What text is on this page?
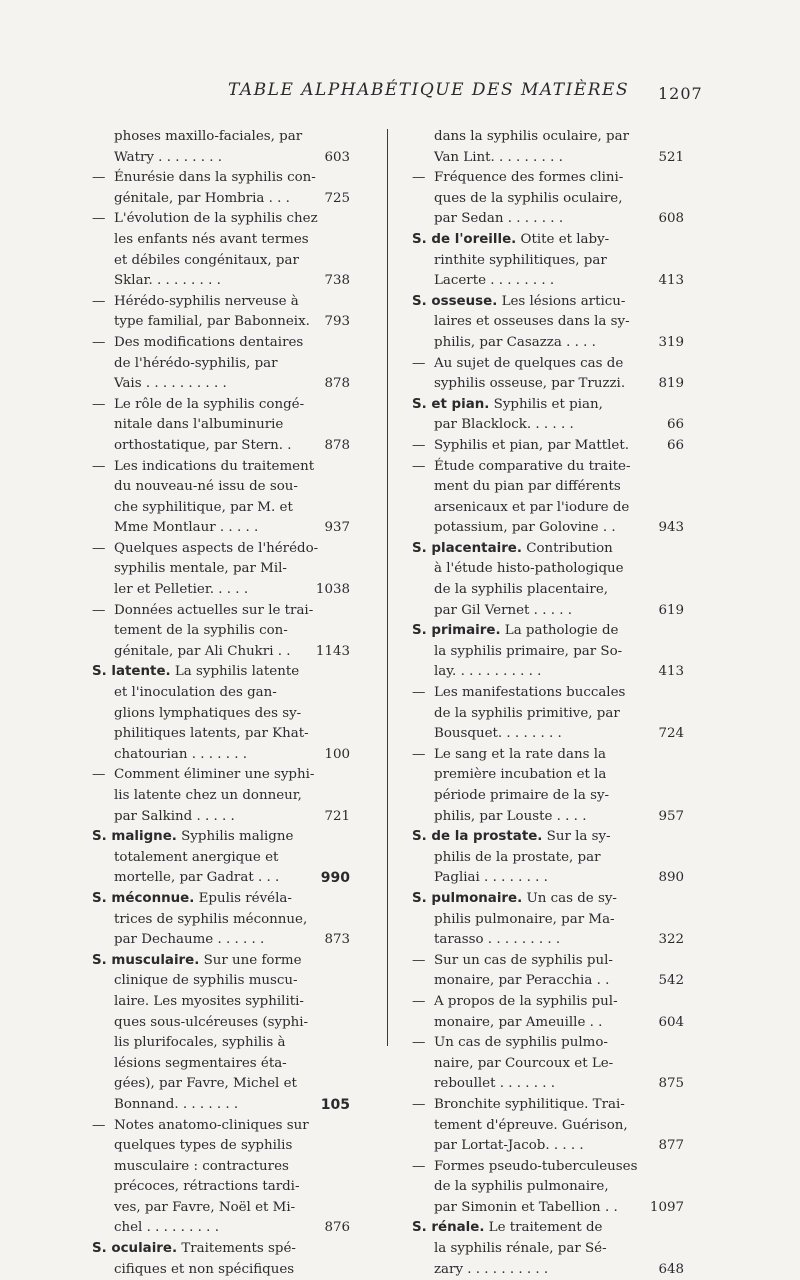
TABLE ALPHABÉTIQUE DES MATIÈRES 1207
phoses maxillo-faciales, par
Watry . . . . . . . .	603
— Énurésie dans la syphilis con-
génitale, par Hombria . . .	725
— L'évolution de la syphilis chez
les enfants nés avant termes
et débiles congénitaux, par
Sklar. . . . . . . . .	738
— Hérédo-syphilis nerveuse à
type familial, par Babonneix.	793
— Des modifications dentaires
de l'hérédo-syphilis, par
Vais . . . . . . . . . .	878
— Le rôle de la syphilis congé-
nitale dans l'albuminurie
orthostatique, par Stern. .	878
— Les indications du traitement
du nouveau-né issu de sou-
che syphilitique, par M. et
Mme Montlaur . . . . .	937
— Quelques aspects de l'hérédo-
syphilis mentale, par Mil-
ler et Pelletier. . . . .	1038
— Données actuelles sur le trai-
tement de la syphilis con-
génitale, par Ali Chukri . .	1143
S. latente. La syphilis latente
et l'inoculation des gan-
glions lymphatiques des sy-
philitiques latents, par Khat-
chatourian . . . . . . .	100
— Comment éliminer une syphi-
lis latente chez un donneur,
par Salkind . . . . .	721
S. maligne. Syphilis maligne
totalement anergique et
mortelle, par Gadrat . . .	990
S. méconnue. Epulis révéla-
trices de syphilis méconnue,
par Dechaume . . . . . .	873
S. musculaire. Sur une forme
clinique de syphilis muscu-
laire. Les myosites syphiliti-
ques sous-ulcéreuses (syphi-
lis plurifocales, syphilis à
lésions segmentaires éta-
gées), par Favre, Michel et
Bonnand. . . . . . . .	105
— Notes anatomo-cliniques sur
quelques types de syphilis
musculaire : contractures
précoces, rétractions tardi-
ves, par Favre, Noël et Mi-
chel . . . . . . . . .	876
S. oculaire. Traitements spé-
cifiques et non spécifiques
dans la syphilis oculaire, par
Van Lint. . . . . . . . .	521
— Fréquence des formes clini-
ques de la syphilis oculaire,
par Sedan . . . . . . .	608
S. de l'oreille. Otite et laby-
rinthite syphilitiques, par
Lacerte . . . . . . . .	413
S. osseuse. Les lésions articu-
laires et osseuses dans la sy-
philis, par Casazza . . . .	319
— Au sujet de quelques cas de
syphilis osseuse, par Truzzi.	819
S. et pian. Syphilis et pian,
par Blacklock. . . . . .	66
— Syphilis et pian, par Mattlet.	66
— Étude comparative du traite-
ment du pian par différents
arsenicaux et par l'iodure de
potassium, par Golovine . .	943
S. placentaire. Contribution
à l'étude histo-pathologique
de la syphilis placentaire,
par Gil Vernet . . . . .	619
S. primaire. La pathologie de
la syphilis primaire, par So-
lay. . . . . . . . . . .	413
— Les manifestations buccales
de la syphilis primitive, par
Bousquet. . . . . . . .	724
— Le sang et la rate dans la
première incubation et la
période primaire de la sy-
philis, par Louste . . . .	957
S. de la prostate. Sur la sy-
philis de la prostate, par
Pagliai . . . . . . . .	890
S. pulmonaire. Un cas de sy-
philis pulmonaire, par Ma-
tarasso . . . . . . . . .	322
— Sur un cas de syphilis pul-
monaire, par Peracchia . .	542
— A propos de la syphilis pul-
monaire, par Ameuille . .	604
— Un cas de syphilis pulmo-
naire, par Courcoux et Le-
reboullet . . . . . . .	875
— Bronchite syphilitique. Trai-
tement d'épreuve. Guérison,
par Lortat-Jacob. . . . .	877
— Formes pseudo-tuberculeuses
de la syphilis pulmonaire,
par Simonin et Tabellion . .	1097
S. rénale. Le traitement de
la syphilis rénale, par Sé-
zary . . . . . . . . . .	648
